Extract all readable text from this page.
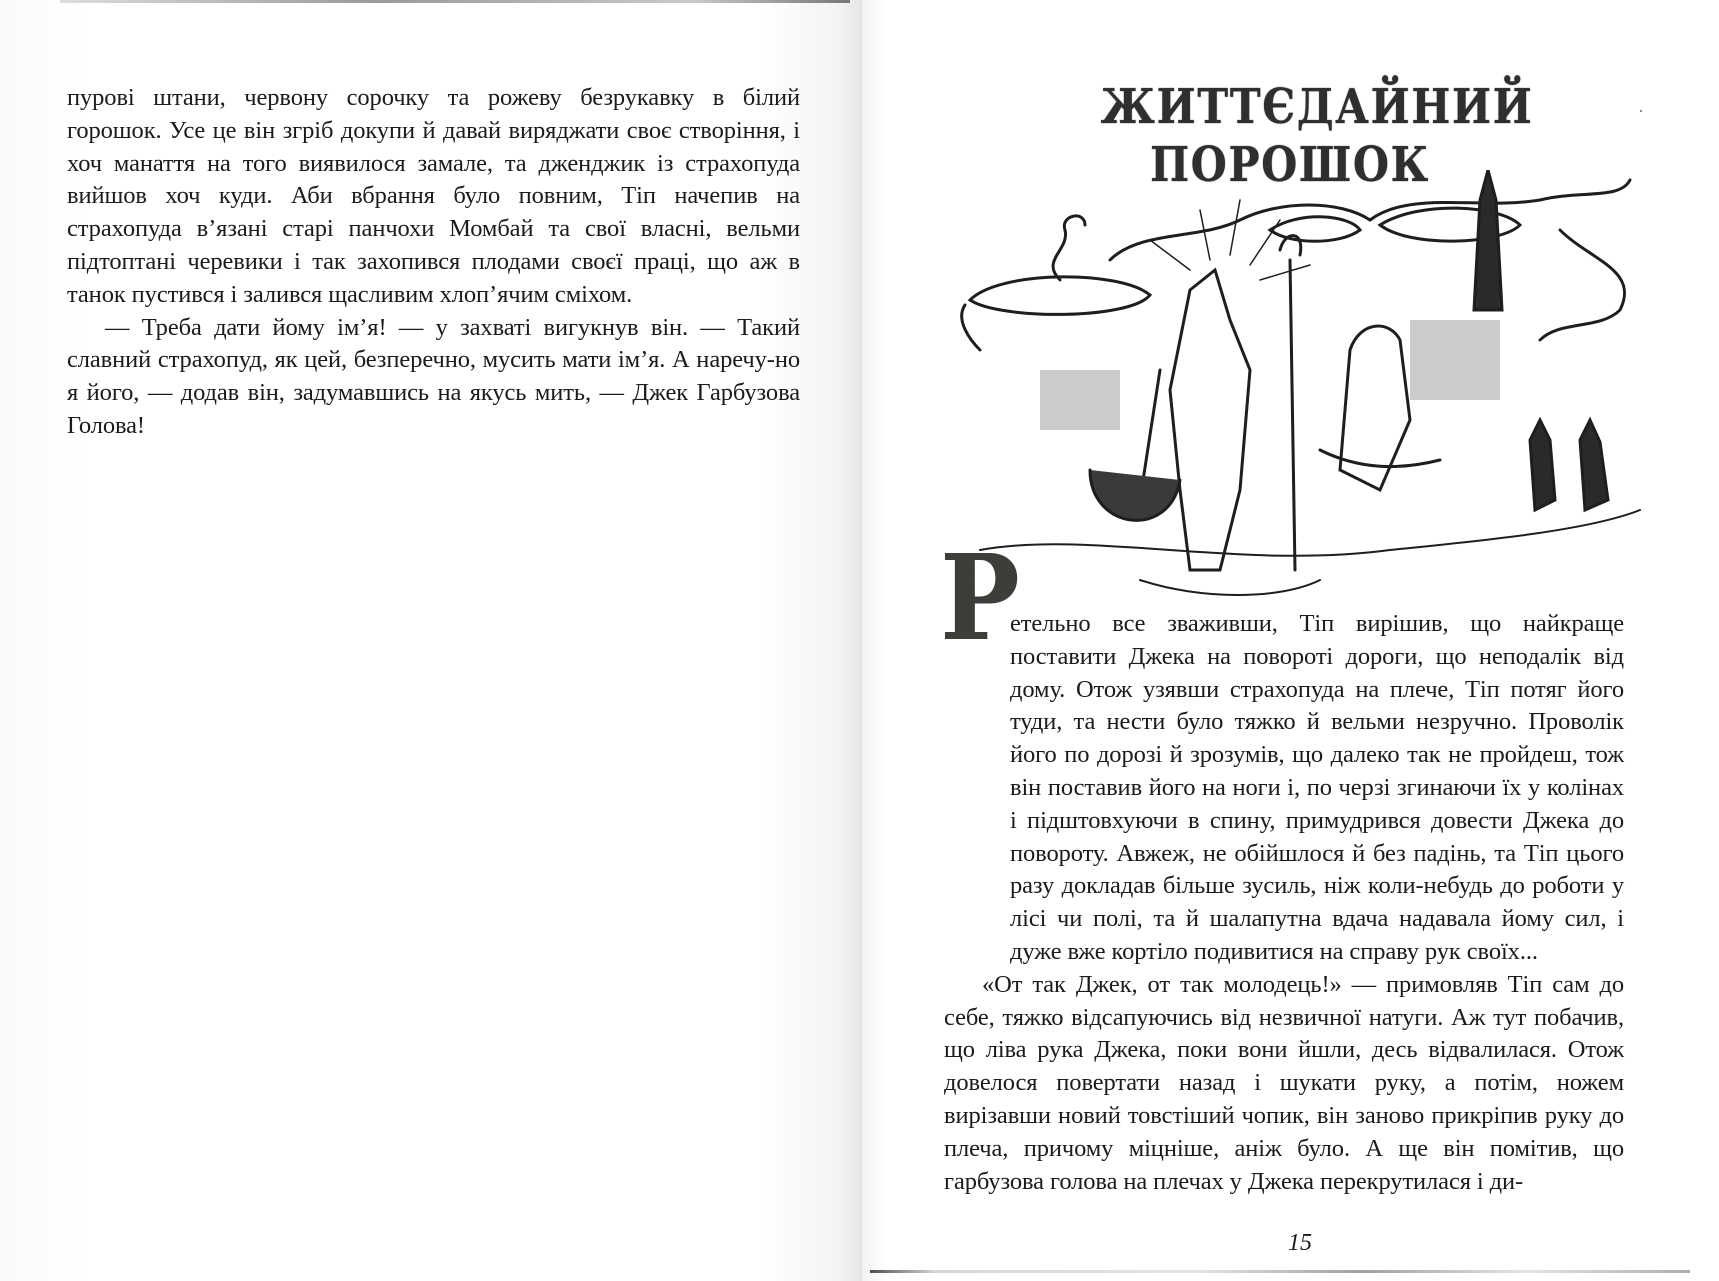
пурові штани, червону сорочку та рожеву безрукавку в білий горошок. Усе це він згріб докупи й давай виряджати своє створіння, і хоч манаття на того виявилося замале, та дженджик із страхопуда вийшов хоч куди. Аби вбрання було повним, Тіп начепив на страхопуда в’язані старі панчохи Момбай та свої власні, вельми підтоптані черевики і так захопився плодами своєї праці, що аж в танок пустився і залився щасливим хлоп’ячим сміхом.

— Треба дати йому ім’я! — у захваті вигукнув він. — Такий славний страхопуд, як цей, безперечно, мусить мати ім’я. А наречу-но я його, — додав він, задумавшись на якусь мить, — Джек Гарбузова Голова!

ЖИТТЄДАЙНИЙ
ПОРОШОК
Р

етельно все зваживши, Тіп вирішив, що найкраще поставити Джека на повороті дороги, що неподалік від дому. Отож узявши страхопуда на плече, Тіп потяг його туди, та нести було тяжко й вельми незручно. Проволік його по дорозі й зрозумів, що далеко так не пройдеш, тож він поставив його на ноги і, по черзі згинаючи їх у колінах і підштовхуючи в спину, примудрився довести Джека до повороту. Авжеж, не обійшлося й без падінь, та Тіп цього разу докладав більше зусиль, ніж коли-небудь до роботи у лісі чи полі, та й шалапутна вдача надавала йому сил, і дуже вже кортіло подивитися на справу рук своїх...

«От так Джек, от так молодець!» — примовляв Тіп сам до себе, тяжко відсапуючись від незвичної натуги. Аж тут побачив, що ліва рука Джека, поки вони йшли, десь відвалилася. Отож довелося повертати назад і шукати руку, а потім, ножем вирізавши новий товстіший чопик, він заново прикріпив руку до плеча, причому міцніше, аніж було. А ще він помітив, що гарбузова голова на плечах у Джека перекрутилася і ди-

15
